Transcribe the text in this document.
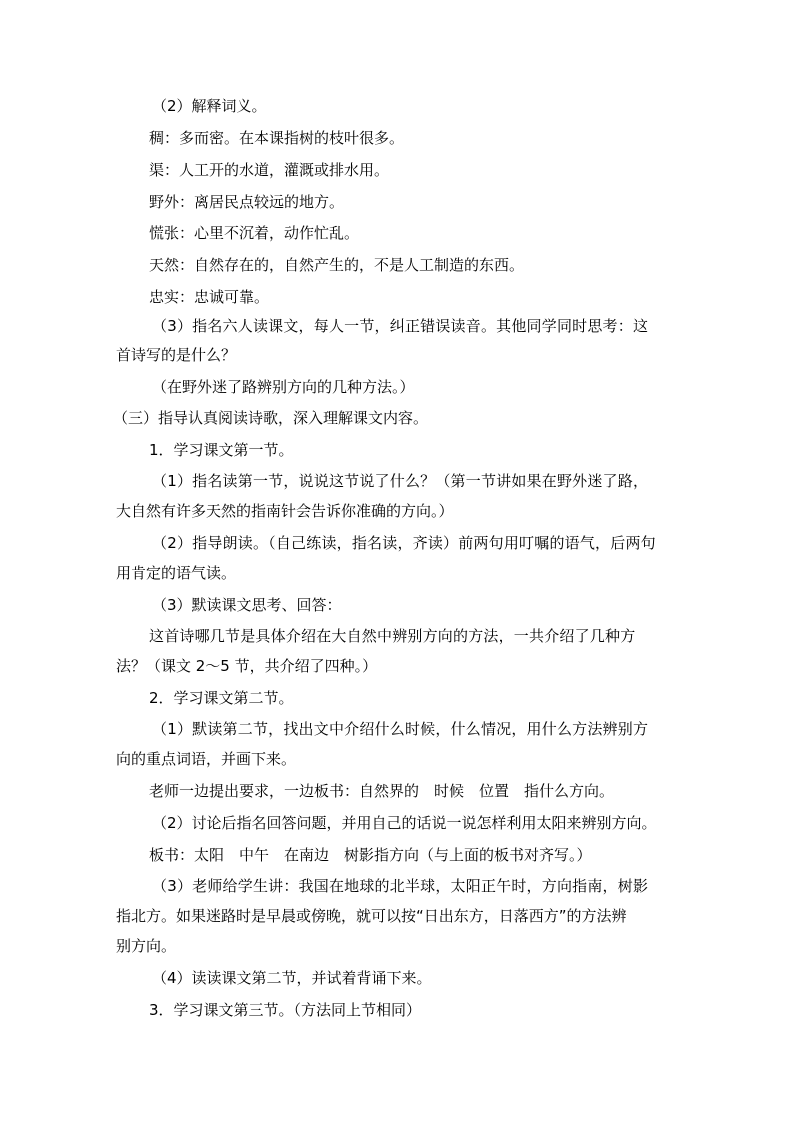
（2）解释词义。
稠：多而密。在本课指树的枝叶很多。
渠：人工开的水道，灌溉或排水用。
野外：离居民点较远的地方。
慌张：心里不沉着，动作忙乱。
天然：自然存在的，自然产生的，不是人工制造的东西。
忠实：忠诚可靠。
（3）指名六人读课文，每人一节，纠正错误读音。其他同学同时思考：这
首诗写的是什么？
（在野外迷了路辨别方向的几种方法。）
（三）指导认真阅读诗歌，深入理解课文内容。
1．学习课文第一节。
（1）指名读第一节，说说这节说了什么？（第一节讲如果在野外迷了路，
大自然有许多天然的指南针会告诉你准确的方向。）
（2）指导朗读。（自己练读，指名读，齐读）前两句用叮嘱的语气，后两句
用肯定的语气读。
（3）默读课文思考、回答：
这首诗哪几节是具体介绍在大自然中辨别方向的方法，一共介绍了几种方
法？（课文 2～5 节，共介绍了四种。）
2．学习课文第二节。
（1）默读第二节，找出文中介绍什么时候，什么情况，用什么方法辨别方
向的重点词语，并画下来。
老师一边提出要求，一边板书：自然界的　时候　位置　指什么方向。
（2）讨论后指名回答问题，并用自己的话说一说怎样利用太阳来辨别方向。
板书：太阳　中午　在南边　树影指方向（与上面的板书对齐写。）
（3）老师给学生讲：我国在地球的北半球，太阳正午时，方向指南，树影
指北方。如果迷路时是早晨或傍晚，就可以按“日出东方，日落西方”的方法辨
别方向。
（4）读读课文第二节，并试着背诵下来。
3．学习课文第三节。（方法同上节相同）
